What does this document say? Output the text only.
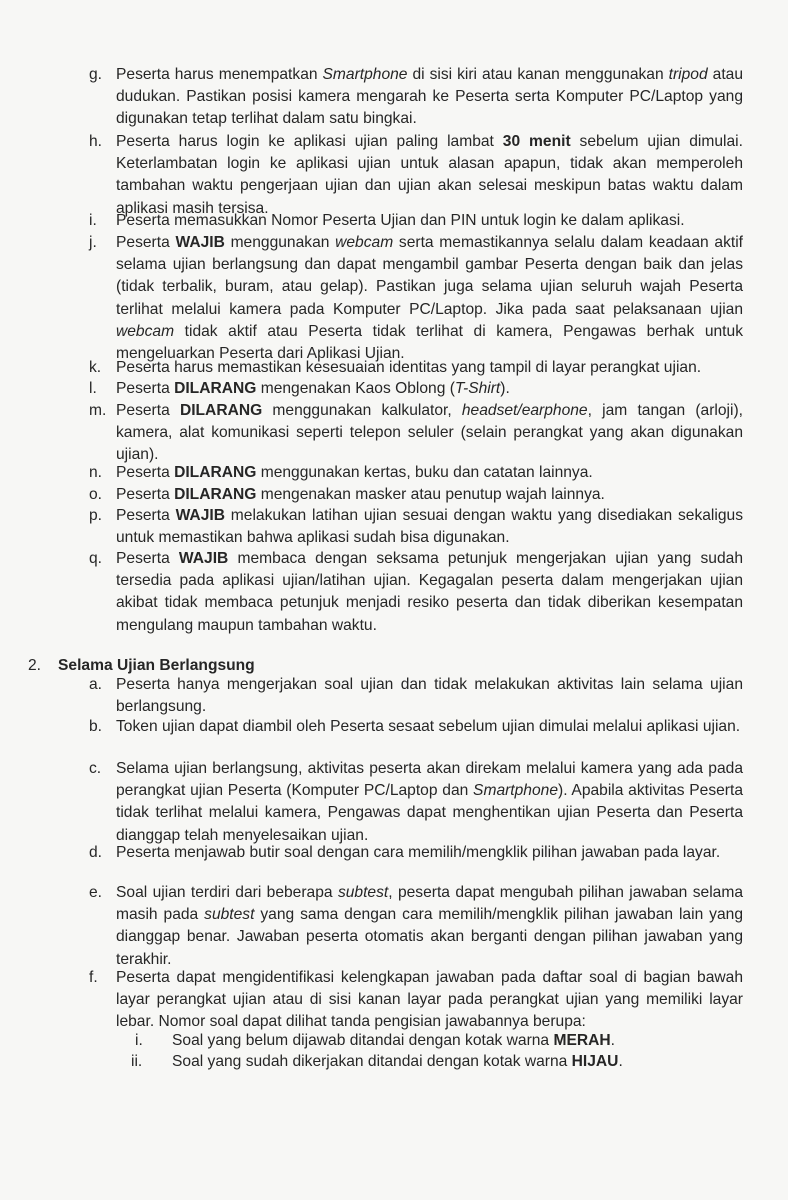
g. Peserta harus menempatkan Smartphone di sisi kiri atau kanan menggunakan tripod atau dudukan. Pastikan posisi kamera mengarah ke Peserta serta Komputer PC/Laptop yang digunakan tetap terlihat dalam satu bingkai.
h. Peserta harus login ke aplikasi ujian paling lambat 30 menit sebelum ujian dimulai. Keterlambatan login ke aplikasi ujian untuk alasan apapun, tidak akan memperoleh tambahan waktu pengerjaan ujian dan ujian akan selesai meskipun batas waktu dalam aplikasi masih tersisa.
i. Peserta memasukkan Nomor Peserta Ujian dan PIN untuk login ke dalam aplikasi.
j. Peserta WAJIB menggunakan webcam serta memastikannya selalu dalam keadaan aktif selama ujian berlangsung dan dapat mengambil gambar Peserta dengan baik dan jelas (tidak terbalik, buram, atau gelap). Pastikan juga selama ujian seluruh wajah Peserta terlihat melalui kamera pada Komputer PC/Laptop. Jika pada saat pelaksanaan ujian webcam tidak aktif atau Peserta tidak terlihat di kamera, Pengawas berhak untuk mengeluarkan Peserta dari Aplikasi Ujian.
k. Peserta harus memastikan kesesuaian identitas yang tampil di layar perangkat ujian.
l. Peserta DILARANG mengenakan Kaos Oblong (T-Shirt).
m. Peserta DILARANG menggunakan kalkulator, headset/earphone, jam tangan (arloji), kamera, alat komunikasi seperti telepon seluler (selain perangkat yang akan digunakan ujian).
n. Peserta DILARANG menggunakan kertas, buku dan catatan lainnya.
o. Peserta DILARANG mengenakan masker atau penutup wajah lainnya.
p. Peserta WAJIB melakukan latihan ujian sesuai dengan waktu yang disediakan sekaligus untuk memastikan bahwa aplikasi sudah bisa digunakan.
q. Peserta WAJIB membaca dengan seksama petunjuk mengerjakan ujian yang sudah tersedia pada aplikasi ujian/latihan ujian. Kegagalan peserta dalam mengerjakan ujian akibat tidak membaca petunjuk menjadi resiko peserta dan tidak diberikan kesempatan mengulang maupun tambahan waktu.
2. Selama Ujian Berlangsung
a. Peserta hanya mengerjakan soal ujian dan tidak melakukan aktivitas lain selama ujian berlangsung.
b. Token ujian dapat diambil oleh Peserta sesaat sebelum ujian dimulai melalui aplikasi ujian.
c. Selama ujian berlangsung, aktivitas peserta akan direkam melalui kamera yang ada pada perangkat ujian Peserta (Komputer PC/Laptop dan Smartphone). Apabila aktivitas Peserta tidak terlihat melalui kamera, Pengawas dapat menghentikan ujian Peserta dan Peserta dianggap telah menyelesaikan ujian.
d. Peserta menjawab butir soal dengan cara memilih/mengklik pilihan jawaban pada layar.
e. Soal ujian terdiri dari beberapa subtest, peserta dapat mengubah pilihan jawaban selama masih pada subtest yang sama dengan cara memilih/mengklik pilihan jawaban lain yang dianggap benar. Jawaban peserta otomatis akan berganti dengan pilihan jawaban yang terakhir.
f. Peserta dapat mengidentifikasi kelengkapan jawaban pada daftar soal di bagian bawah layar perangkat ujian atau di sisi kanan layar pada perangkat ujian yang memiliki layar lebar. Nomor soal dapat dilihat tanda pengisian jawabannya berupa:
i. Soal yang belum dijawab ditandai dengan kotak warna MERAH.
ii. Soal yang sudah dikerjakan ditandai dengan kotak warna HIJAU.
